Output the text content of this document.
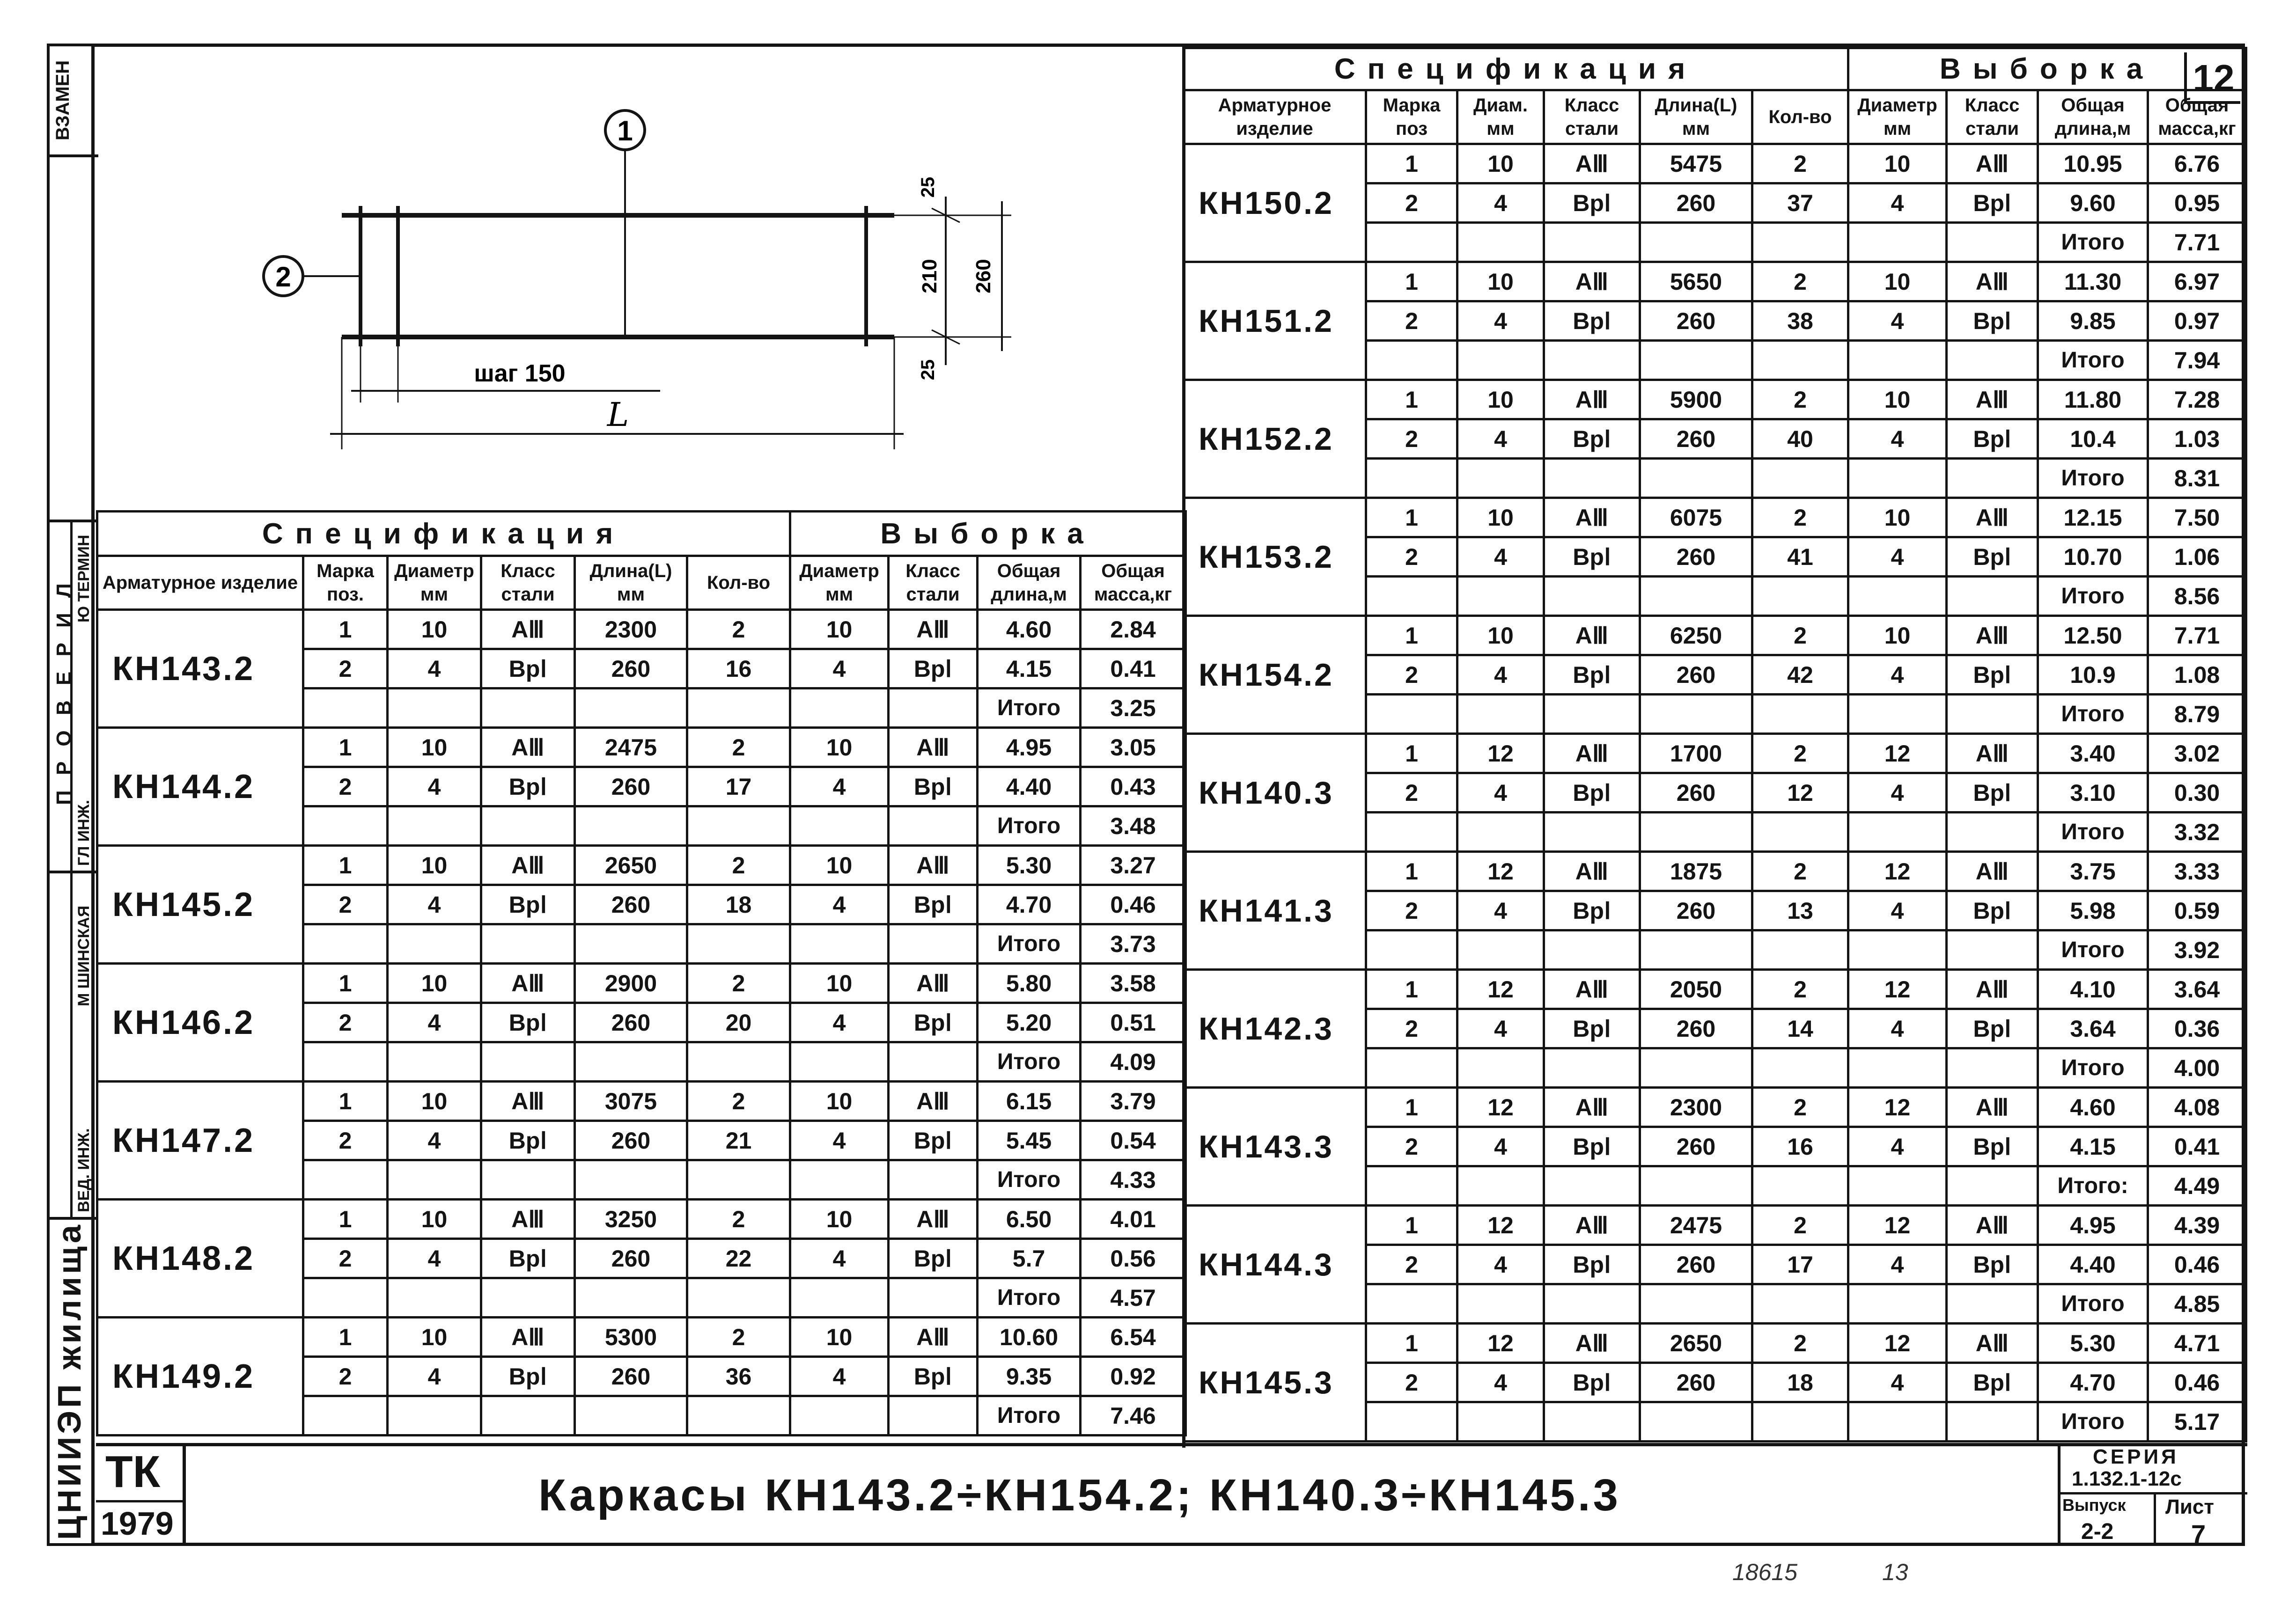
12
ВЗАМЕН
П Р О В Е Р И Л Ю ТЕРМИН
ГЛ ИНЖ.
М ШИНСКАЯ
ВЕД. ИНЖ.
ЦНИИЭП жилища
1
2
шаг 150
L
25
210 260
25
Спецификация						Выборка			
Арматурное изделие	Марка поз.	Диаметр мм	Класс стали	Длина(L) мм	Кол-во	Диаметр мм	Класс стали	Общая длина,м	Общая масса,кг
КН143.2	1	10	АⅢ	2300	2	10	АⅢ	4.60	2.84
	2	4	ВрⅠ	260	16	4	ВрⅠ	4.15	0.41
								Итого	3.25
КН144.2	1	10	АⅢ	2475	2	10	АⅢ	4.95	3.05
	2	4	ВрⅠ	260	17	4	ВрⅠ	4.40	0.43
								Итого	3.48
КН145.2	1	10	АⅢ	2650	2	10	АⅢ	5.30	3.27
	2	4	ВрⅠ	260	18	4	ВрⅠ	4.70	0.46
								Итого	3.73
КН146.2	1	10	АⅢ	2900	2	10	АⅢ	5.80	3.58
	2	4	ВрⅠ	260	20	4	ВрⅠ	5.20	0.51
								Итого	4.09
КН147.2	1	10	АⅢ	3075	2	10	АⅢ	6.15	3.79
	2	4	ВрⅠ	260	21	4	ВрⅠ	5.45	0.54
								Итого	4.33
КН148.2	1	10	АⅢ	3250	2	10	АⅢ	6.50	4.01
	2	4	ВрⅠ	260	22	4	ВрⅠ	5.7	0.56
								Итого	4.57
КН149.2	1	10	АⅢ	5300	2	10	АⅢ	10.60	6.54
	2	4	ВрⅠ	260	36	4	ВрⅠ	9.35	0.92
								Итого	7.46
Спецификация						Выборка			
Арматурное изделие	Марка поз	Диам. мм	Класс стали	Длина(L) мм	Кол-во	Диаметр мм	Класс стали	Общая длина,м	Общая масса,кг
КН150.2	1	10	АⅢ	5475	2	10	АⅢ	10.95	6.76
	2	4	ВрⅠ	260	37	4	ВрⅠ	9.60	0.95
								Итого	7.71
КН151.2	1	10	АⅢ	5650	2	10	АⅢ	11.30	6.97
	2	4	ВрⅠ	260	38	4	ВрⅠ	9.85	0.97
								Итого	7.94
КН152.2	1	10	АⅢ	5900	2	10	АⅢ	11.80	7.28
	2	4	ВрⅠ	260	40	4	ВрⅠ	10.4	1.03
								Итого	8.31
КН153.2	1	10	АⅢ	6075	2	10	АⅢ	12.15	7.50
	2	4	ВрⅠ	260	41	4	ВрⅠ	10.70	1.06
								Итого	8.56
КН154.2	1	10	АⅢ	6250	2	10	АⅢ	12.50	7.71
	2	4	ВрⅠ	260	42	4	ВрⅠ	10.9	1.08
								Итого	8.79
КН140.3	1	12	АⅢ	1700	2	12	АⅢ	3.40	3.02
	2	4	ВрⅠ	260	12	4	ВрⅠ	3.10	0.30
								Итого	3.32
КН141.3	1	12	АⅢ	1875	2	12	АⅢ	3.75	3.33
	2	4	ВрⅠ	260	13	4	ВрⅠ	5.98	0.59
								Итого	3.92
КН142.3	1	12	АⅢ	2050	2	12	АⅢ	4.10	3.64
	2	4	ВрⅠ	260	14	4	ВрⅠ	3.64	0.36
								Итого	4.00
КН143.3	1	12	АⅢ	2300	2	12	АⅢ	4.60	4.08
	2	4	ВрⅠ	260	16	4	ВрⅠ	4.15	0.41
								Итого:	4.49
КН144.3	1	12	АⅢ	2475	2	12	АⅢ	4.95	4.39
	2	4	ВрⅠ	260	17	4	ВрⅠ	4.40	0.46
								Итого	4.85
КН145.3	1	12	АⅢ	2650	2	12	АⅢ	5.30	4.71
	2	4	ВрⅠ	260	18	4	ВрⅠ	4.70	0.46
								Итого	5.17
ТК
1979
Каркасы КН143.2÷КН154.2; КН140.3÷КН145.3
СЕРИЯ
1.132.1-12с
Выпуск
2-2
Лист
7
18615	13
